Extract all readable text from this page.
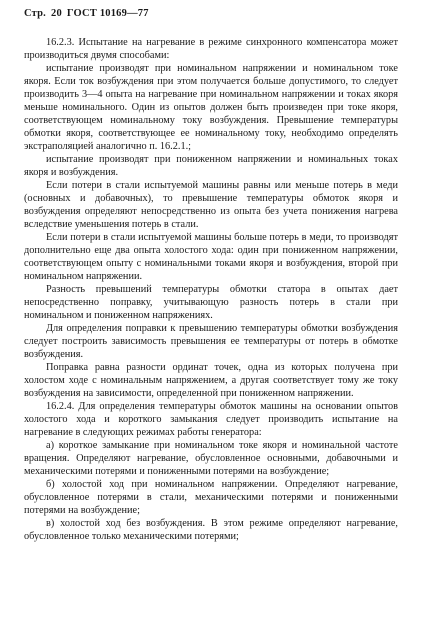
Стр. 20 ГОСТ 10169—77

16.2.3. Испытание на нагревание в режиме синхронного компенсатора может производиться двумя способами:

испытание производят при номинальном напряжении и номинальном токе якоря. Если ток возбуждения при этом получается больше допустимого, то следует производить 3—4 опыта на нагревание при номинальном напряжении и токах якоря меньше номинального. Один из опытов должен быть произведен при токе якоря, соответствующем номинальному току возбуждения. Превышение температуры обмотки якоря, соответствующее ее номинальному току, необходимо определять экстраполяцией аналогично п. 16.2.1.;

испытание производят при пониженном напряжении и номинальных токах якоря и возбуждения.

Если потери в стали испытуемой машины равны или меньше потерь в меди (основных и добавочных), то превышение температуры обмоток якоря и возбуждения определяют непосредственно из опыта без учета понижения нагрева вследствие уменьшения потерь в стали.

Если потери в стали испытуемой машины больше потерь в меди, то производят дополнительно еще два опыта холостого хода: один при пониженном напряжении, соответствующем опыту с номинальными токами якоря и возбуждения, второй при номинальном напряжении.

Разность превышений температуры обмотки статора в опытах дает непосредственно поправку, учитывающую разность потерь в стали при номинальном и пониженном напряжениях.

Для определения поправки к превышению температуры обмотки возбуждения следует построить зависимость превышения ее температуры от потерь в обмотке возбуждения.

Поправка равна разности ординат точек, одна из которых получена при холостом ходе с номинальным напряжением, а другая соответствует тому же току возбуждения на зависимости, определенной при пониженном напряжении.

16.2.4. Для определения температуры обмоток машины на основании опытов холостого хода и короткого замыкания следует производить испытание на нагревание в следующих режимах работы генератора:

а) короткое замыкание при номинальном токе якоря и номинальной частоте вращения. Определяют нагревание, обусловленное основными, добавочными и механическими потерями и пониженными потерями на возбуждение;

б) холостой ход при номинальном напряжении. Определяют нагревание, обусловленное потерями в стали, механическими потерями и пониженными потерями на возбуждение;

в) холостой ход без возбуждения. В этом режиме определяют нагревание, обусловленное только механическими потерями;
